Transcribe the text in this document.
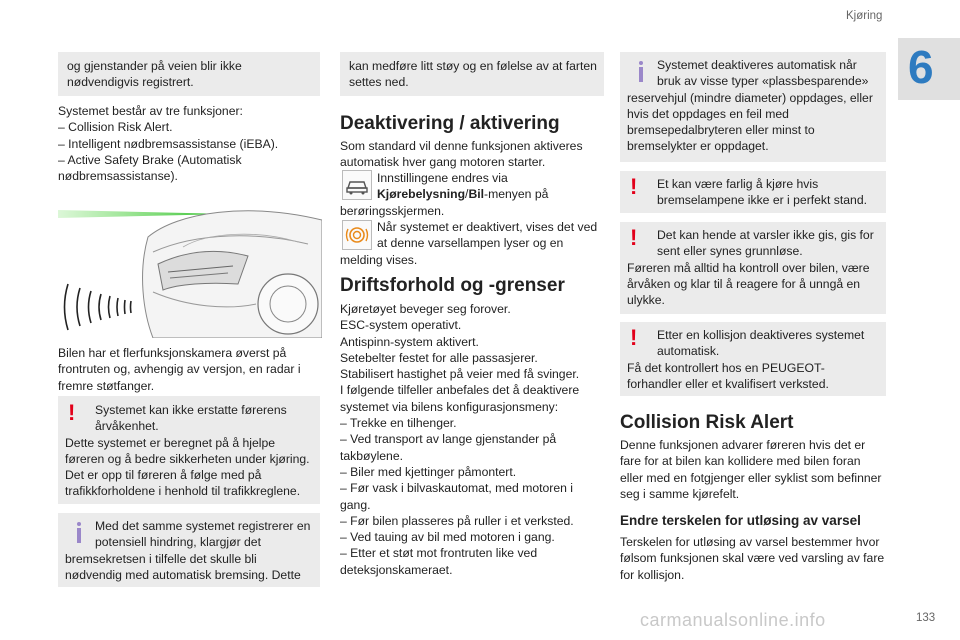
Kjøring
6
og gjenstander på veien blir ikke
nødvendigvis registrert.
Systemet består av tre funksjoner:
– Collision Risk Alert.
– Intelligent nødbremsassistanse (iEBA).
– Active Safety Brake (Automatisk
nødbremsassistanse).
Bilen har et flerfunksjonskamera øverst på
frontruten og, avhengig av versjon, en radar i
fremre støtfanger.
!	Systemet kan ikke erstatte førerens
årvåkenhet.
Dette systemet er beregnet på å hjelpe
føreren og å bedre sikkerheten under kjøring.
Det er opp til føreren å følge med på
trafikkforholdene i henhold til trafikkreglene.
Med det samme systemet registrerer en
potensiell hindring, klargjør det
bremsekretsen i tilfelle det skulle bli
nødvendig med automatisk bremsing. Dette
kan medføre litt støy og en følelse av at farten
settes ned.
Deaktivering / aktivering
Som standard vil denne funksjonen aktiveres
automatisk hver gang motoren starter.
Innstillingene endres via
Kjørebelysning/Bil-menyen på
berøringsskjermen.
Når systemet er deaktivert, vises det ved
at denne varsellampen lyser og en
melding vises.
Driftsforhold og -grenser
Kjøretøyet beveger seg forover.
ESC-system operativt.
Antispinn-system aktivert.
Setebelter festet for alle passasjerer.
Stabilisert hastighet på veier med få svinger.
I følgende tilfeller anbefales det å deaktivere
systemet via bilens konfigurasjonsmeny:
– Trekke en tilhenger.
– Ved transport av lange gjenstander på
takbøylene.
– Biler med kjettinger påmontert.
– Før vask i bilvaskautomat, med motoren i
gang.
– Før bilen plasseres på ruller i et verksted.
– Ved tauing av bil med motoren i gang.
– Etter et støt mot frontruten like ved
deteksjonskameraet.
Systemet deaktiveres automatisk når
bruk av visse typer «plassbesparende»
reservehjul (mindre diameter) oppdages, eller
hvis det oppdages en feil med
bremsepedalbryteren eller minst to
bremselykter er oppdaget.
!	Et kan være farlig å kjøre hvis
bremselampene ikke er i perfekt stand.
!	Det kan hende at varsler ikke gis, gis for
sent eller synes grunnløse.
Føreren må alltid ha kontroll over bilen, være
årvåken og klar til å reagere for å unngå en
ulykke.
!	Etter en kollisjon deaktiveres systemet
automatisk.
Få det kontrollert hos en PEUGEOT-
forhandler eller et kvalifisert verksted.
Collision Risk Alert
Denne funksjonen advarer føreren hvis det er
fare for at bilen kan kollidere med bilen foran
eller med en fotgjenger eller syklist som befinner
seg i samme kjørefelt.
Endre terskelen for utløsing av varsel
Terskelen for utløsing av varsel bestemmer hvor
følsom funksjonen skal være ved varsling av fare
for kollisjon.
133
carmanualsonline.info
